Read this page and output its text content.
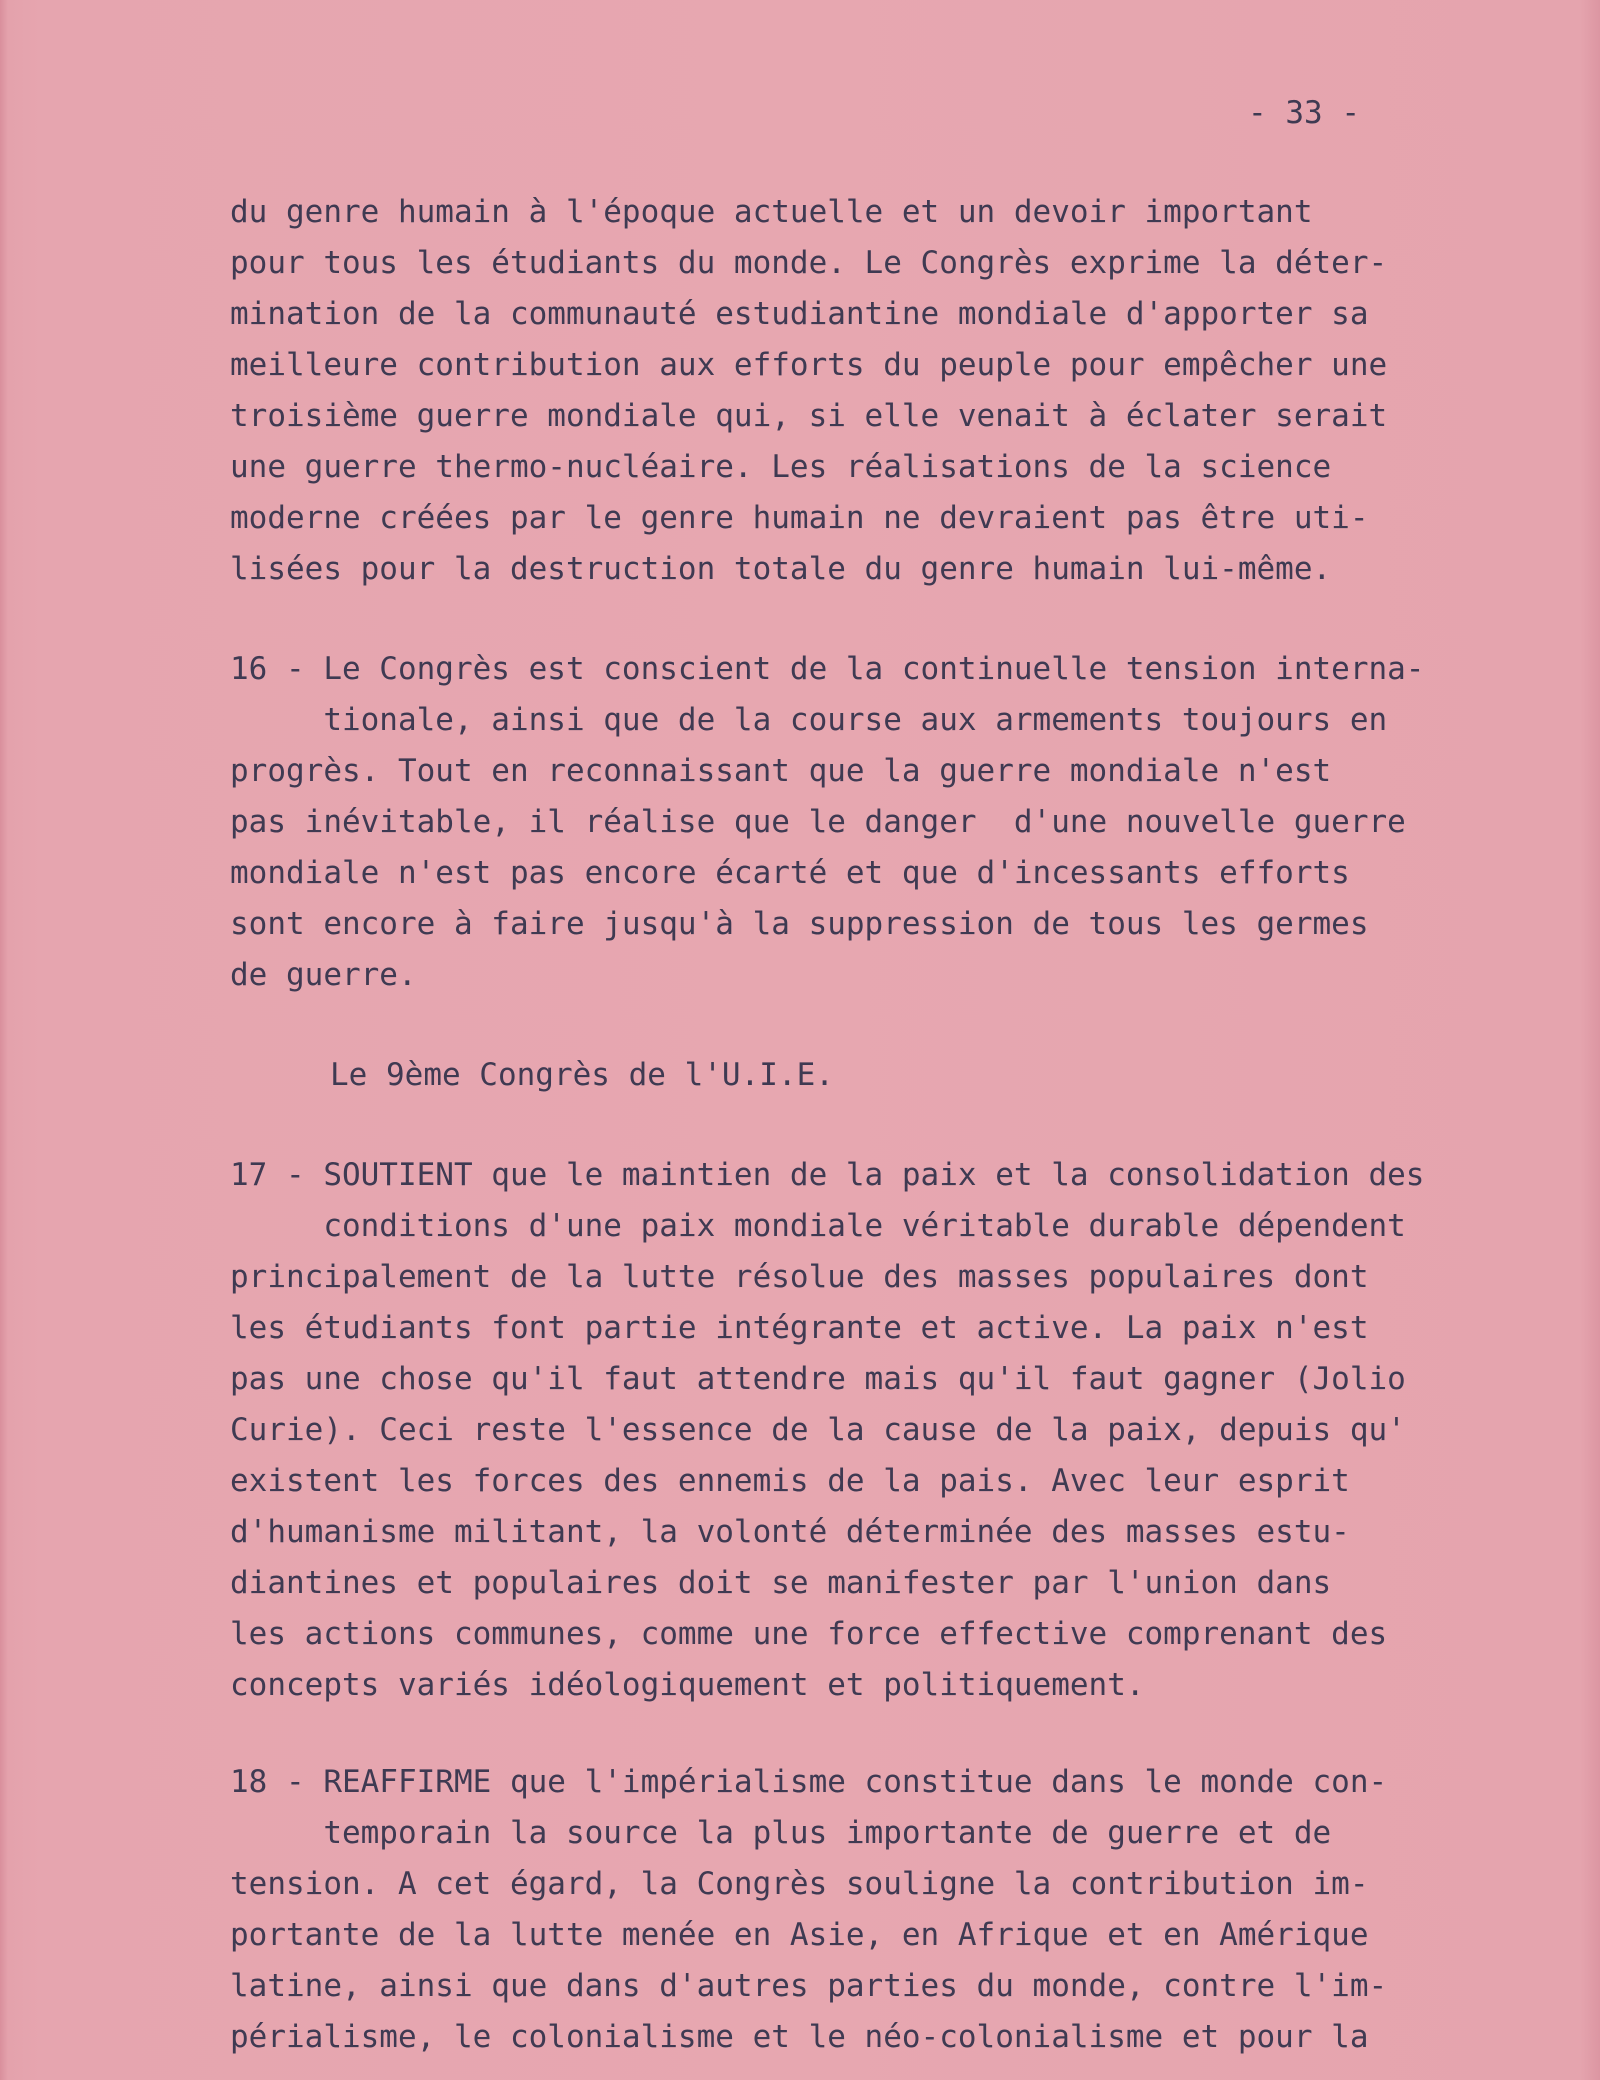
- 33 -

du genre humain à l'époque actuelle et un devoir important

pour tous les étudiants du monde. Le Congrès exprime la déter-

mination de la communauté estudiantine mondiale d'apporter sa

meilleure contribution aux efforts du peuple pour empêcher une

troisième guerre mondiale qui, si elle venait à éclater serait

une guerre thermo-nucléaire. Les réalisations de la science

moderne créées par le genre humain ne devraient pas être uti-

lisées pour la destruction totale du genre humain lui-même.

16 - Le Congrès est conscient de la continuelle tension interna-

tionale, ainsi que de la course aux armements toujours en

progrès. Tout en reconnaissant que la guerre mondiale n'est

pas inévitable, il réalise que le danger  d'une nouvelle guerre

mondiale n'est pas encore écarté et que d'incessants efforts

sont encore à faire jusqu'à la suppression de tous les germes

de guerre.

Le 9ème Congrès de l'U.I.E.

17 - SOUTIENT que le maintien de la paix et la consolidation des

conditions d'une paix mondiale véritable durable dépendent

principalement de la lutte résolue des masses populaires dont

les étudiants font partie intégrante et active. La paix n'est

pas une chose qu'il faut attendre mais qu'il faut gagner (Jolio

Curie). Ceci reste l'essence de la cause de la paix, depuis qu'

existent les forces des ennemis de la pais. Avec leur esprit

d'humanisme militant, la volonté déterminée des masses estu-

diantines et populaires doit se manifester par l'union dans

les actions communes, comme une force effective comprenant des

concepts variés idéologiquement et politiquement.

18 - REAFFIRME que l'impérialisme constitue dans le monde con-

temporain la source la plus importante de guerre et de

tension. A cet égard, la Congrès souligne la contribution im-

portante de la lutte menée en Asie, en Afrique et en Amérique

latine, ainsi que dans d'autres parties du monde, contre l'im-

périalisme, le colonialisme et le néo-colonialisme et pour la
